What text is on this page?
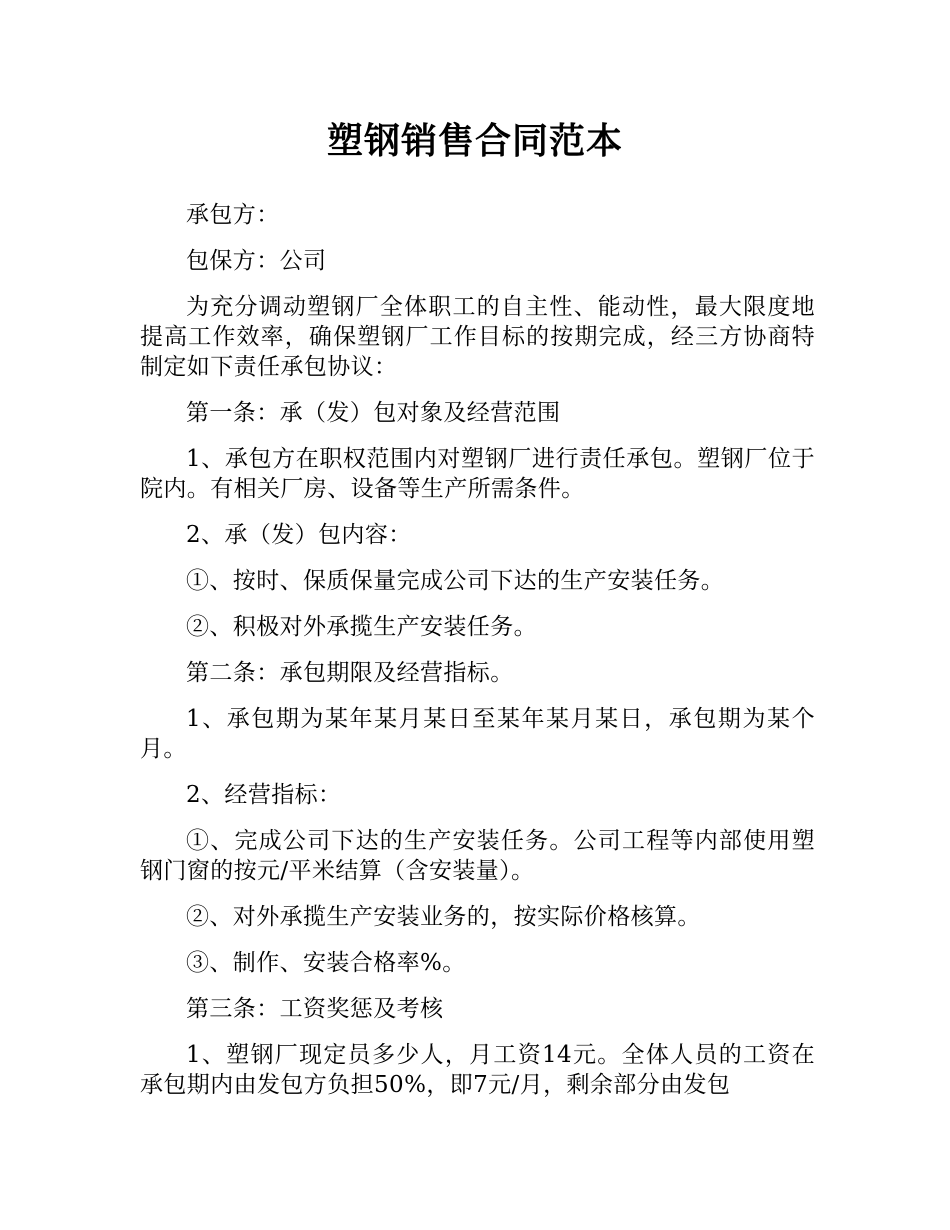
塑钢销售合同范本

承包方：

包保方：公司

为充分调动塑钢厂全体职工的自主性、能动性，最大限度地提高工作效率，确保塑钢厂工作目标的按期完成，经三方协商特制定如下责任承包协议：

第一条：承（发）包对象及经营范围

1、承包方在职权范围内对塑钢厂进行责任承包。塑钢厂位于院内。有相关厂房、设备等生产所需条件。

2、承（发）包内容：

①、按时、保质保量完成公司下达的生产安装任务。

②、积极对外承揽生产安装任务。

第二条：承包期限及经营指标。

1、承包期为某年某月某日至某年某月某日，承包期为某个月。

2、经营指标：

①、完成公司下达的生产安装任务。公司工程等内部使用塑钢门窗的按元/平米结算（含安装量）。

②、对外承揽生产安装业务的，按实际价格核算。

③、制作、安装合格率%。

第三条：工资奖惩及考核

1、塑钢厂现定员多少人，月工资14元。全体人员的工资在承包期内由发包方负担50%，即7元/月，剩余部分由发包
